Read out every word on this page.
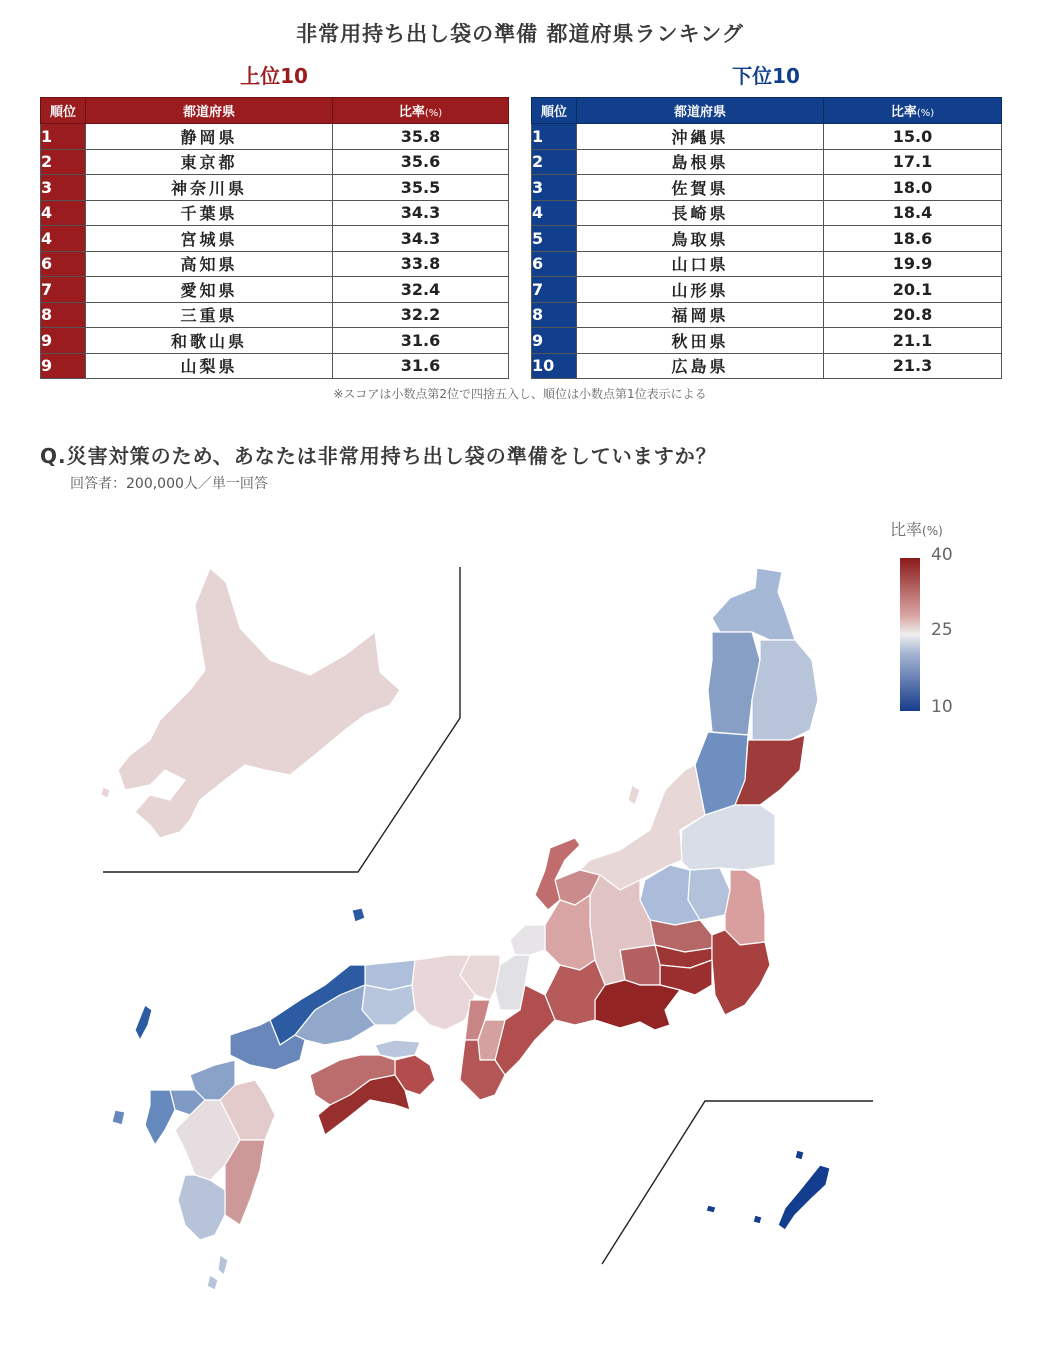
非常用持ち出し袋の準備 都道府県ランキング
上位10	下位10
順位	都道府県	比率(%)
1	静岡県	35.8
2	東京都	35.6
3	神奈川県	35.5
4	千葉県	34.3
4	宮城県	34.3
6	高知県	33.8
7	愛知県	32.4
8	三重県	32.2
9	和歌山県	31.6
9	山梨県	31.6
順位	都道府県	比率(%)
1	沖縄県	15.0
2	島根県	17.1
3	佐賀県	18.0
4	長崎県	18.4
5	鳥取県	18.6
6	山口県	19.9
7	山形県	20.1
8	福岡県	20.8
9	秋田県	21.1
10	広島県	21.3
※スコアは小数点第2位で四捨五入し、順位は小数点第1位表示による
Q.災害対策のため、あなたは非常用持ち出し袋の準備をしていますか？
回答者：200,000人／単一回答
比率(%)
40
25
10
